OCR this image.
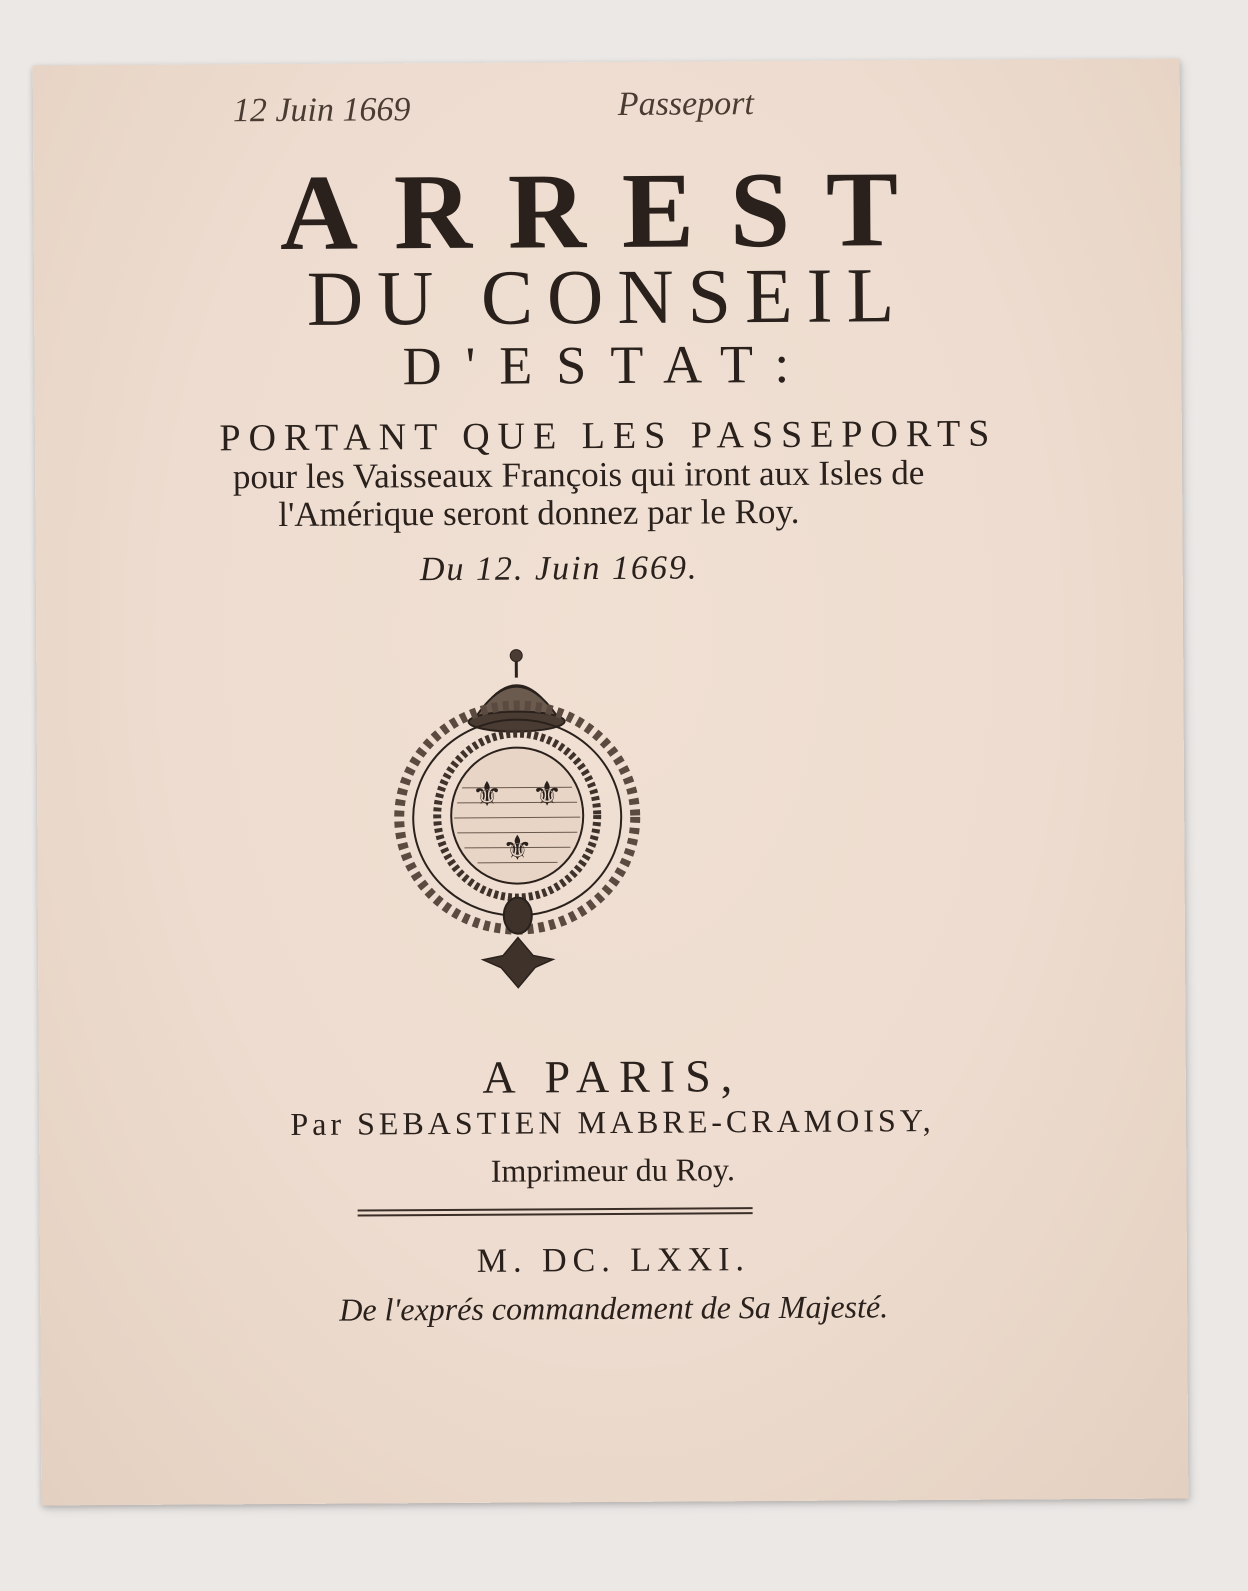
12 Juin 1669	Passeport
ARREST
DU CONSEIL
D'ESTAT:
PORTANT QUE LES PASSEPORTS
pour les Vaisseaux François qui iront aux Isles de
l'Amérique seront donnez par le Roy.
Du 12. Juin 1669.
⚜ ⚜
⚜
A PARIS,
Par SEBASTIEN MABRE-CRAMOISY,
Imprimeur du Roy.
M. DC. LXXI.
De l'exprés commandement de Sa Majesté.
